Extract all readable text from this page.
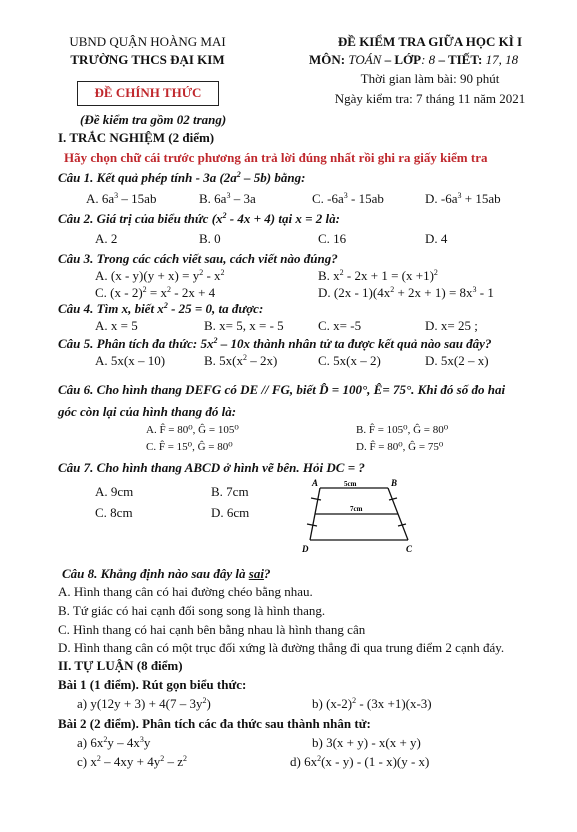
UBND QUẬN HOÀNG MAI
TRƯỜNG THCS ĐẠI KIM
ĐỀ CHÍNH THỨC
(Đề kiểm tra gồm 02 trang)
ĐỀ KIỂM TRA GIỮA HỌC KÌ I
MÔN: TOÁN – LỚP: 8 – TIẾT: 17, 18
Thời gian làm bài: 90 phút
Ngày kiểm tra: 7 tháng 11 năm 2021
I. TRẮC NGHIỆM (2 điểm)
Hãy chọn chữ cái trước phương án trả lời đúng nhất rồi ghi ra giấy kiểm tra
Câu 1. Kết quả phép tính - 3a $(2a^2 - 5b)$ bằng:
A. $6a^3 - 15ab$	B. $6a^3 - 3a$	C. $-6a^3 - 15ab$	D. $-6a^3 + 15ab$
Câu 2. Giá trị của biểu thức $(x^2 - 4x + 4)$ tại x = 2 là:
A. 2	B. 0	C. 16	D. 4
Câu 3. Trong các cách viết sau, cách viết nào đúng?
A. $(x - y)(y + x) = y^2 - x^2$	B. $x^2 - 2x + 1 = (x +1)^2$
C. $(x - 2)^2 = x^2 - 2x + 4$	D. $(2x - 1)(4x^2 + 2x + 1) = 8x^3 - 1$
Câu 4. Tìm x, biết $x^2 - 25 = 0$, ta được:
A. x = 5	B. x= 5, x = - 5	C. x= -5	D. x= 25 ;
Câu 5. Phân tích đa thức: $5x^2 - 10x$ thành nhân tử ta được kết quả nào sau đây?
A. 5x(x – 10)	B. $5x(x^2 - 2x)$	C. 5x(x – 2)	D. 5x(2 – x)
Câu 6. Cho hình thang DEFG có DE // FG, biết D̂ = 100°, Ê= 75°. Khi đó số đo hai
góc còn lại của hình thang đó là:
A. F̂ = 80⁰, Ĝ = 105⁰	B. F̂ = 105⁰, Ĝ = 80⁰
C. F̂ = 15⁰, Ĝ = 80⁰	D. F̂ = 80⁰, Ĝ = 75⁰
Câu 7. Cho hình thang ABCD ở hình vẽ bên. Hỏi DC = ?
A. 9cm	B. 7cm
C. 8cm	D. 6cm
A	B
D	C
5cm
7cm
Câu 8. Khẳng định nào sau đây là sai?
A. Hình thang cân có hai đường chéo bằng nhau.
B. Tứ giác có hai cạnh đối song song là hình thang.
C. Hình thang có hai cạnh bên bằng nhau là hình thang cân
D. Hình thang cân có một trục đối xứng là đường thẳng đi qua trung điểm 2 cạnh đáy.
II. TỰ LUẬN (8 điểm)
Bài 1 (1 điểm). Rút gọn biểu thức:
a) $y(12y + 3) + 4(7 - 3y^2)$	b) $(x-2)^2 - (3x +1)(x-3)$
Bài 2 (2 điểm). Phân tích các đa thức sau thành nhân tử:
a) $6x^2y - 4x^3y$	b) 3(x + y) - x(x + y)
c) $x^2 - 4xy + 4y^2 - z^2$	d) $6x^2(x - y) - (1 - x)(y - x)$
